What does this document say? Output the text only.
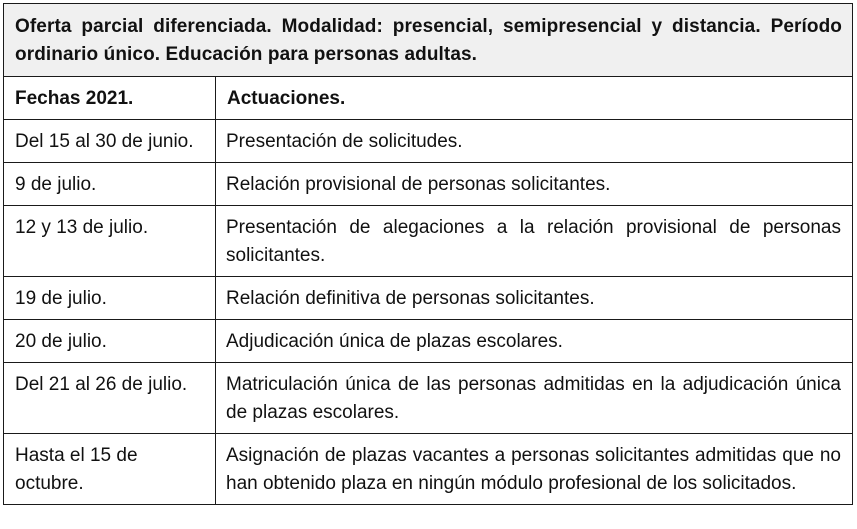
Oferta parcial diferenciada. Modalidad: presencial, semipresencial y distancia. Período ordinario único. Educación para personas adultas.	
Fechas 2021.	Actuaciones.
Del 15 al 30 de junio.	Presentación de solicitudes.
9 de julio.	Relación provisional de personas solicitantes.
12 y 13 de julio.	Presentación de alegaciones a la relación provisional de personas solicitantes.
19 de julio.	Relación definitiva de personas solicitantes.
20 de julio.	Adjudicación única de plazas escolares.
Del 21 al 26 de julio.	Matriculación única de las personas admitidas en la adjudicación única de plazas escolares.
Hasta el 15 de octubre.	Asignación de plazas vacantes a personas solicitantes admitidas que no han obtenido plaza en ningún módulo profesional de los solicitados.
